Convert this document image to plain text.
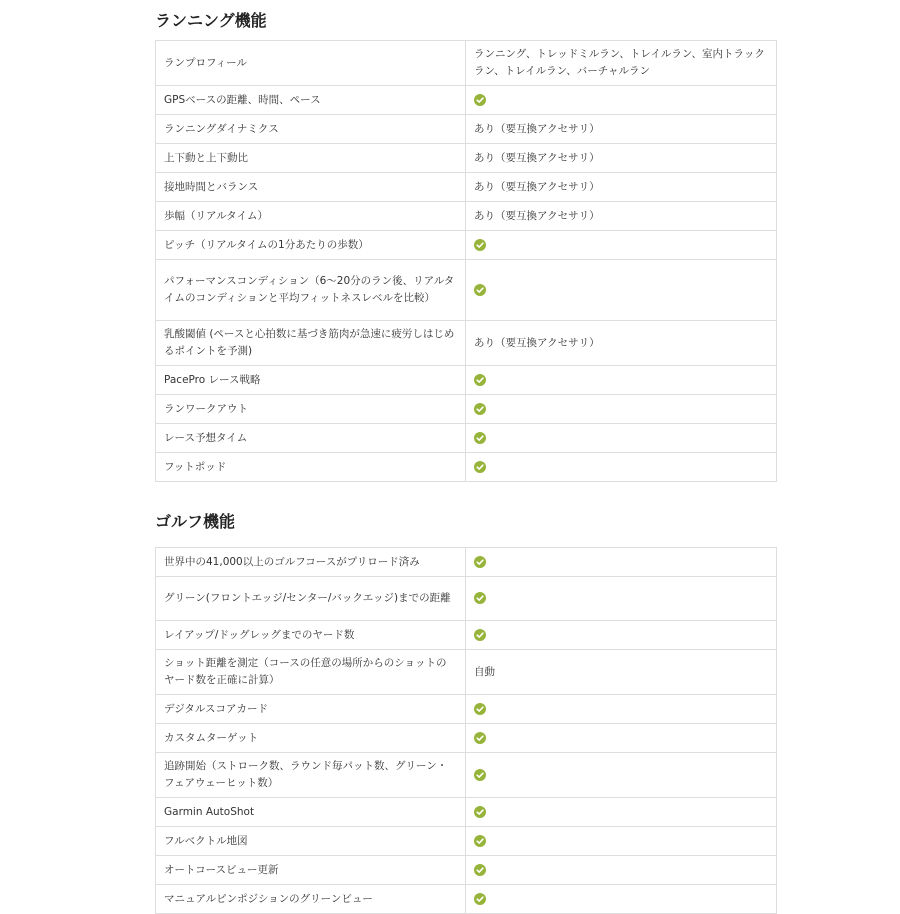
ランニング機能
ランプロフィール	ランニング、トレッドミルラン、トレイルラン、室内トラックラン、トレイルラン、バーチャルラン
GPSベースの距離、時間、ペース	
ランニングダイナミクス	あり（要互換アクセサリ）
上下動と上下動比	あり（要互換アクセサリ）
接地時間とバランス	あり（要互換アクセサリ）
歩幅（リアルタイム）	あり（要互換アクセサリ）
ピッチ（リアルタイムの1分あたりの歩数）	
パフォーマンスコンディション（6〜20分のラン後、リアルタイムのコンディションと平均フィットネスレベルを比較）	
乳酸閾値 (ペースと心拍数に基づき筋肉が急速に疲労しはじめるポイントを予測)	あり（要互換アクセサリ）
PacePro レース戦略	
ランワークアウト	
レース予想タイム	
フットポッド	
ゴルフ機能
世界中の41,000以上のゴルフコースがプリロード済み	
グリーン(フロントエッジ/センター/バックエッジ)までの距離	
レイアップ/ドッグレッグまでのヤード数	
ショット距離を測定（コースの任意の場所からのショットのヤード数を正確に計算）	自動
デジタルスコアカード	
カスタムターゲット	
追跡開始（ストローク数、ラウンド毎パット数、グリーン・フェアウェーヒット数）	
Garmin AutoShot	
フルベクトル地図	
オートコースビュー更新	
マニュアルピンポジションのグリーンビュー	
